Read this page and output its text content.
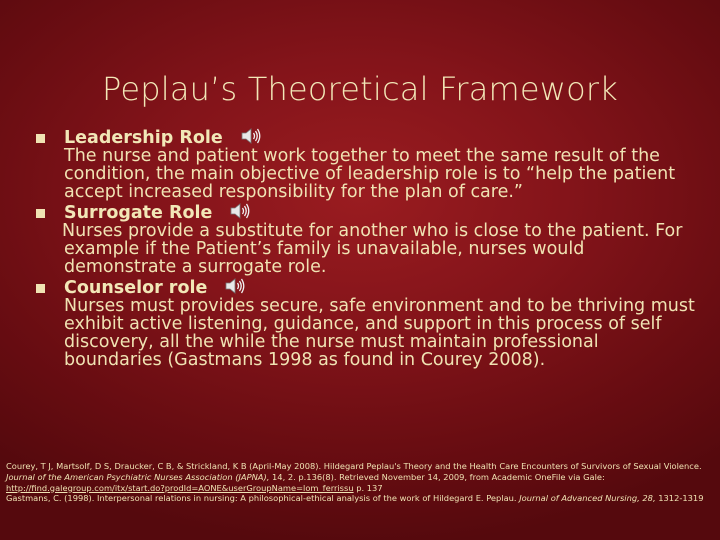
Peplau’s Theoretical Framework
Leadership Role

The nurse and patient work together to meet the same result of the condition, the main objective of leadership role is to “help the patient accept increased responsibility for the plan of care.”

Surrogate Role

Nurses provide a substitute for another who is close to the patient. For example if the Patient’s family is unavailable, nurses would demonstrate a surrogate role.

Counselor role

Nurses must provides secure, safe environment and to be thriving must exhibit active listening, guidance, and support in this process of self discovery, all the while the nurse must maintain professional boundaries (Gastmans 1998 as found in Courey 2008).

Courey, T J, Martsolf, D S, Draucker, C B, & Strickland, K B (April-May 2008). Hildegard Peplau's Theory and the Health Care Encounters of Survivors of Sexual Violence. Journal of the American Psychiatric Nurses Association (JAPNA), 14, 2. p.136(8). Retrieved November 14, 2009, from Academic OneFile via Gale: http://find.galegroup.com/itx/start.do?prodId=AONE&userGroupName=lom_ferrissu p. 137

Gastmans, C. (1998). Interpersonal relations in nursing: A philosophical-ethical analysis of the work of Hildegard E. Peplau. Journal of Advanced Nursing, 28, 1312-1319
